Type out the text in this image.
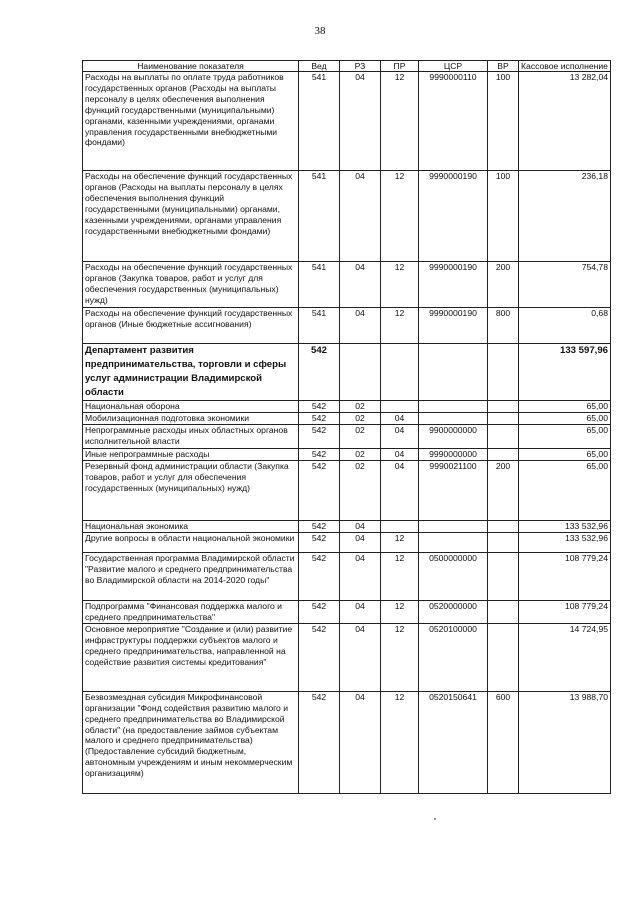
38
Наименование показателя	Вед	РЗ	ПР	ЦСР	ВР	Кассовое исполнение
Расходы на выплаты по оплате труда работников государственных органов (Расходы на выплаты персоналу в целях обеспечения выполнения функций государственными (муниципальными) органами, казенными учреждениями, органами управления государственными внебюджетными фондами)	541	04	12	9990000110	100	13 282,04
Расходы на обеспечение функций государственных органов (Расходы на выплаты персоналу в целях обеспечения выполнения функций государственными (муниципальными) органами, казенными учреждениями, органами управления государственными внебюджетными фондами)	541	04	12	9990000190	100	236,18
Расходы на обеспечение функций государственных органов (Закупка товаров, работ и услуг для обеспечения государственных (муниципальных) нужд)	541	04	12	9990000190	200	754,78
Расходы на обеспечение функций государственных органов (Иные бюджетные ассигнования)	541	04	12	9990000190	800	0,68
Департамент развития предпринимательства, торговли и сферы услуг администрации Владимирской области	542					133 597,96
Национальная оборона	542	02				65,00
Мобилизационная подготовка экономики	542	02	04			65,00
Непрограммные расходы иных областных органов исполнительной власти	542	02	04	9900000000		65,00
Иные непрограммные расходы	542	02	04	9990000000		65,00
Резервный фонд администрации области (Закупка товаров, работ и услуг для обеспечения государственных (муниципальных) нужд)	542	02	04	9990021100	200	65,00
Национальная экономика	542	04				133 532,96
Другие вопросы в области национальной экономики	542	04	12			133 532,96
Государственная программа Владимирской области "Развитие малого и среднего предпринимательства во Владимирской области на 2014-2020 годы"	542	04	12	0500000000		108 779,24
Подпрограмма "Финансовая поддержка малого и среднего предпринимательства"	542	04	12	0520000000		108 779,24
Основное мероприятие "Создание и (или) развитие инфраструктуры поддержки субъектов малого и среднего предпринимательства, направленной на содействие развития системы кредитования"	542	04	12	0520100000		14 724,95
Безвозмездная субсидия Микрофинансовой организации "Фонд содействия развитию малого и среднего предпринимательства во Владимирской области" (на предоставление займов субъектам малого и среднего предпринимательства) (Предоставление субсидий бюджетным, автономным учреждениям и иным некоммерческим организациям)	542	04	12	0520150641	600	13 988,70
